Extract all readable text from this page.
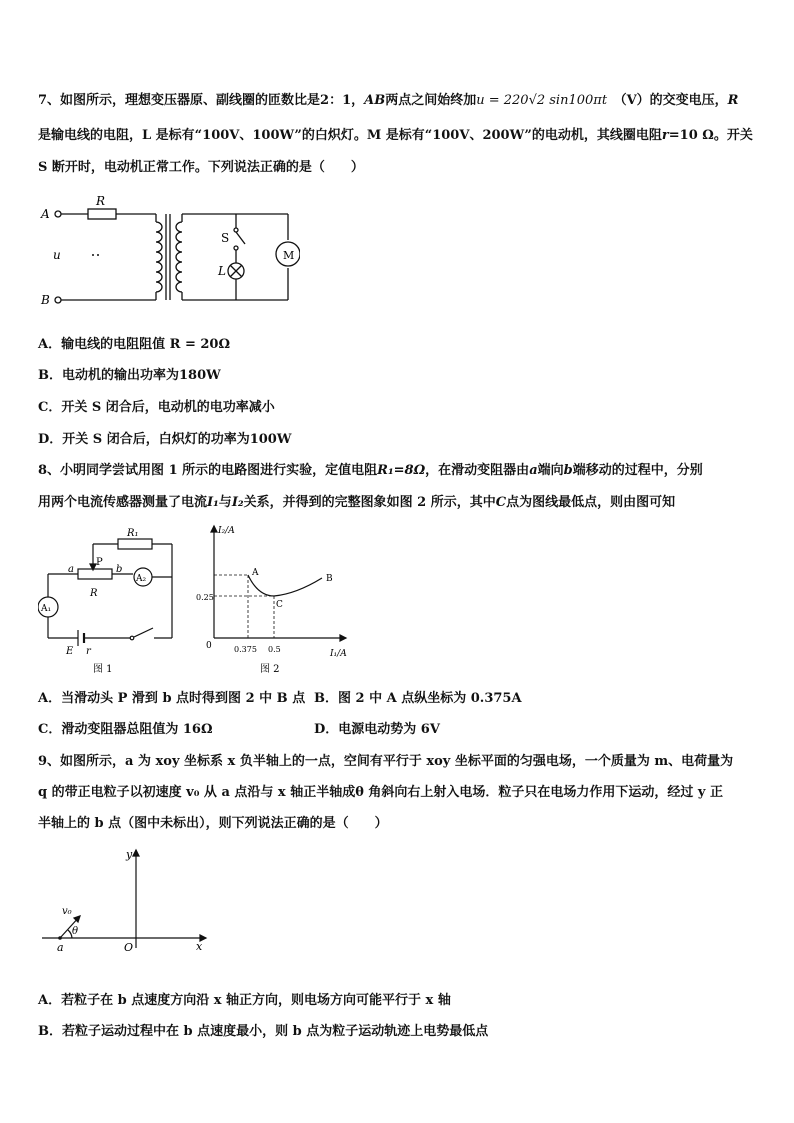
7、如图所示，理想变压器原、副线圈的匝数比是2：1，AB两点之间始终加u = 220√2 sin100πt　 （V）的交变电压，R
是输电线的电阻，L 是标有“100V、100W”的白炽灯。M 是标有“100V、200W”的电动机，其线圈电阻r=10 Ω。开关
S 断开时，电动机正常工作。下列说法正确的是（　　）
A
R
u
B
S
L
M
A．输电线的电阻阻值 R = 20Ω
B．电动机的输出功率为180W
C．开关 S 闭合后，电动机的电功率减小
D．开关 S 闭合后，白炽灯的功率为100W
8、小明同学尝试用图 1 所示的电路图进行实验，定值电阻R₁=8Ω，在滑动变阻器由a端向b端移动的过程中，分别
用两个电流传感器测量了电流I₁与I₂关系，并得到的完整图象如图 2 所示，其中C点为图线最低点，则由图可知
R₁
P
a	b
A₂
R
A₁
E r
图 1
I₂/A
I₁/A
0
0.25
0.375 0.5
A
B
C
图 2
A．当滑动头 P 滑到 b 点时得到图 2 中 B 点 B．图 2 中 A 点纵坐标为 0.375A
C．滑动变阻器总阻值为 16Ω	D．电源电动势为 6V
9、如图所示，a 为 xoy 坐标系 x 负半轴上的一点，空间有平行于 xoy 坐标平面的匀强电场，一个质量为 m、电荷量为
q 的带正电粒子以初速度 v₀ 从 a 点沿与 x 轴正半轴成θ 角斜向右上射入电场．粒子只在电场力作用下运动，经过 y 正
半轴上的 b 点（图中未标出），则下列说法正确的是（　　）
y
v₀
θ
a	O	x
A．若粒子在 b 点速度方向沿 x 轴正方向，则电场方向可能平行于 x 轴
B．若粒子运动过程中在 b 点速度最小，则 b 点为粒子运动轨迹上电势最低点
